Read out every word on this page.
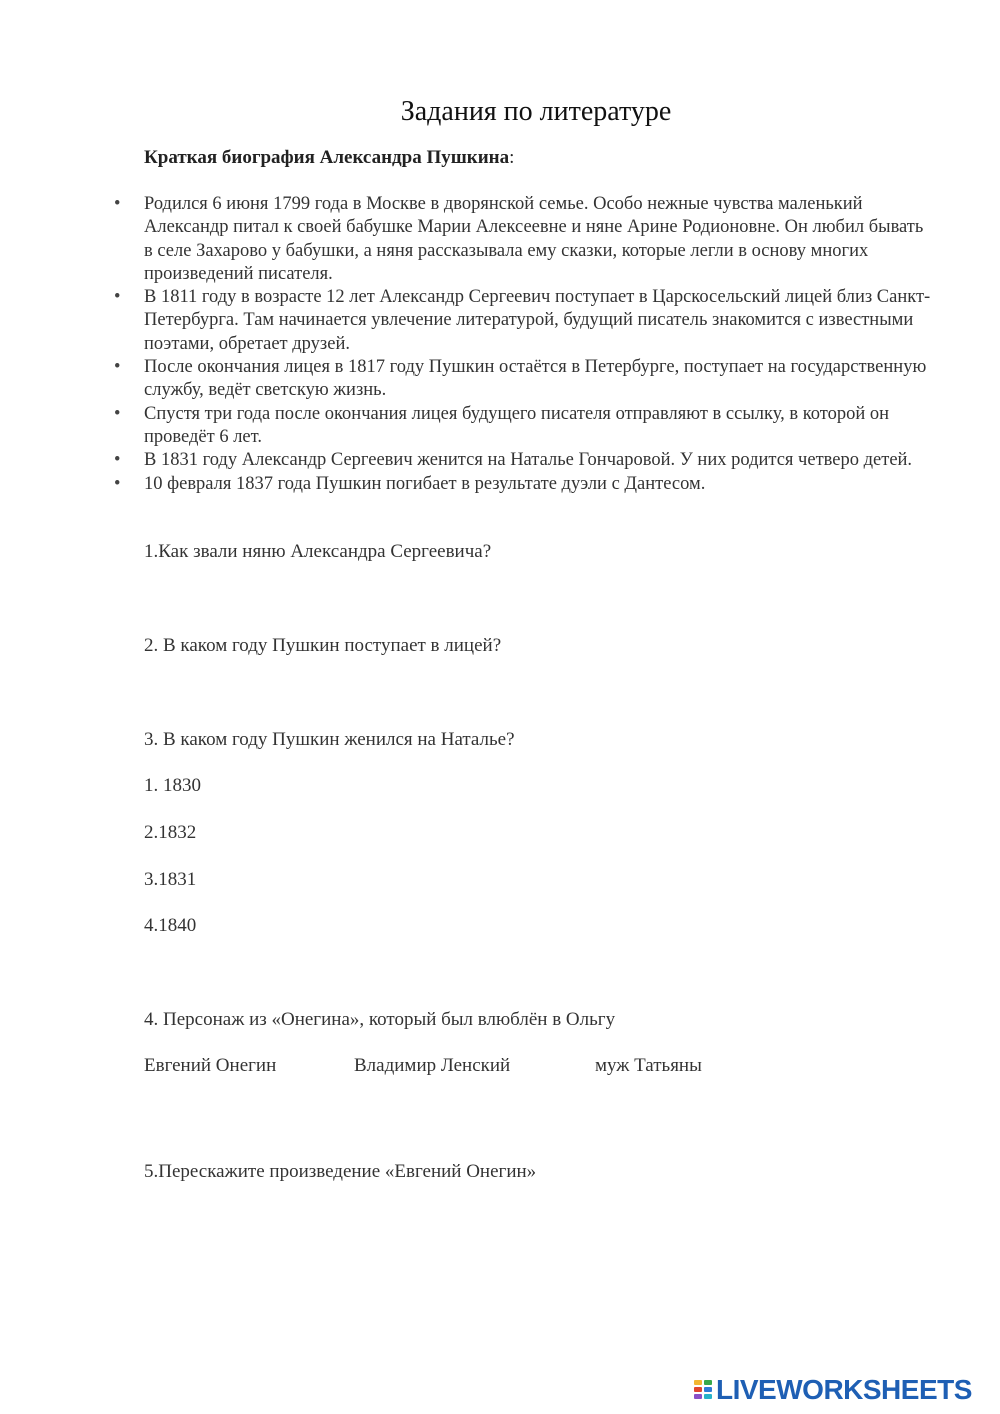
Задания по литературе
Краткая биография Александра Пушкина:
• Родился 6 июня 1799 года в Москве в дворянской семье. Особо нежные чувства маленький Александр питал к своей бабушке Марии Алексеевне и няне Арине Родионовне. Он любил бывать в селе Захарово у бабушки, а няня рассказывала ему сказки, которые легли в основу многих произведений писателя.
• В 1811 году в возрасте 12 лет Александр Сергеевич поступает в Царскосельский лицей близ Санкт-Петербурга. Там начинается увлечение литературой, будущий писатель знакомится с известными поэтами, обретает друзей.
• После окончания лицея в 1817 году Пушкин остаётся в Петербурге, поступает на государственную службу, ведёт светскую жизнь.
• Спустя три года после окончания лицея будущего писателя отправляют в ссылку, в которой он проведёт 6 лет.
• В 1831 году Александр Сергеевич женится на Наталье Гончаровой. У них родится четверо детей.
• 10 февраля 1837 года Пушкин погибает в результате дуэли с Дантесом.
1.Как звали няню Александра Сергеевича?
2. В каком году Пушкин поступает в лицей?
3. В каком году Пушкин женился на Наталье?
1. 1830
2.1832
3.1831
4.1840
4. Персонаж из «Онегина», который был влюблён в Ольгу
Евгений Онегин	Владимир Ленский	муж Татьяны
5.Перескажите произведение «Евгений Онегин»
LIVEWORKSHEETS
